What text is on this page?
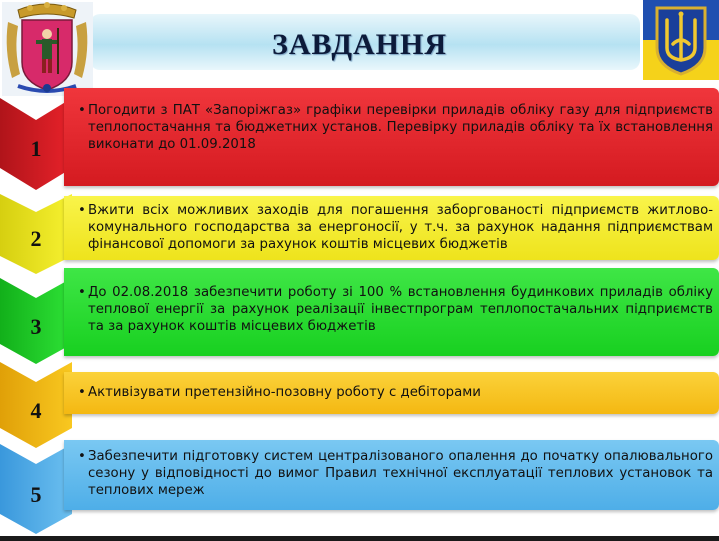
ЗАВДАННЯ
1
• Погодити з ПАТ «Запоріжгаз» графіки перевірки приладів обліку газу для підприємств теплопостачання та бюджетних установ. Перевірку приладів обліку та їх встановлення виконати до 01.09.2018
2
• Вжити всіх можливих заходів для погашення заборгованості підприємств житлово-комунального господарства за енергоносії, у т.ч. за рахунок надання підприємствам фінансової допомоги за рахунок коштів місцевих бюджетів
3
• До 02.08.2018 забезпечити роботу зі 100 % встановлення будинкових приладів обліку теплової енергії за рахунок реалізації інвестпрограм теплопостачальних підприємств та за рахунок коштів місцевих бюджетів
4
• Активізувати претензійно-позовну роботу с дебіторами
5
• Забезпечити підготовку систем централізованого опалення до початку опалювального сезону у відповідності до вимог Правил технічної експлуатації теплових установок та теплових мереж
